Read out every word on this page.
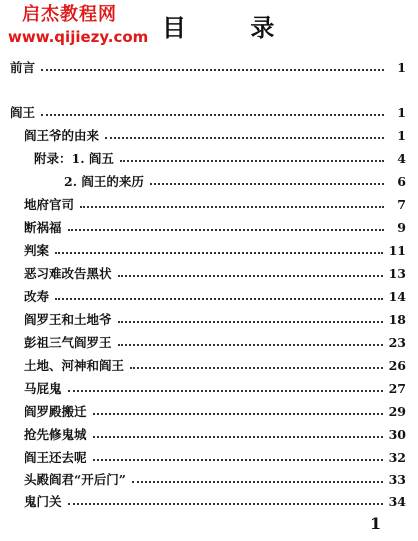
启杰教程网
www.qijiezy.com 目 录
前言	1
阎王	1
阎王爷的由来	1
附录：1. 阎五	4
2. 阎王的来历	6
地府官司	7
断祸福	9
判案	11
恶习难改告黑状	13
改寿	14
阎罗王和土地爷	18
彭祖三气阎罗王	23
土地、河神和阎王	26
马屁鬼	27
阎罗殿搬迁	29
抢先修鬼城	30
阎王还去呢	32
头殿阎君“开后门”	33
鬼门关	34
1
